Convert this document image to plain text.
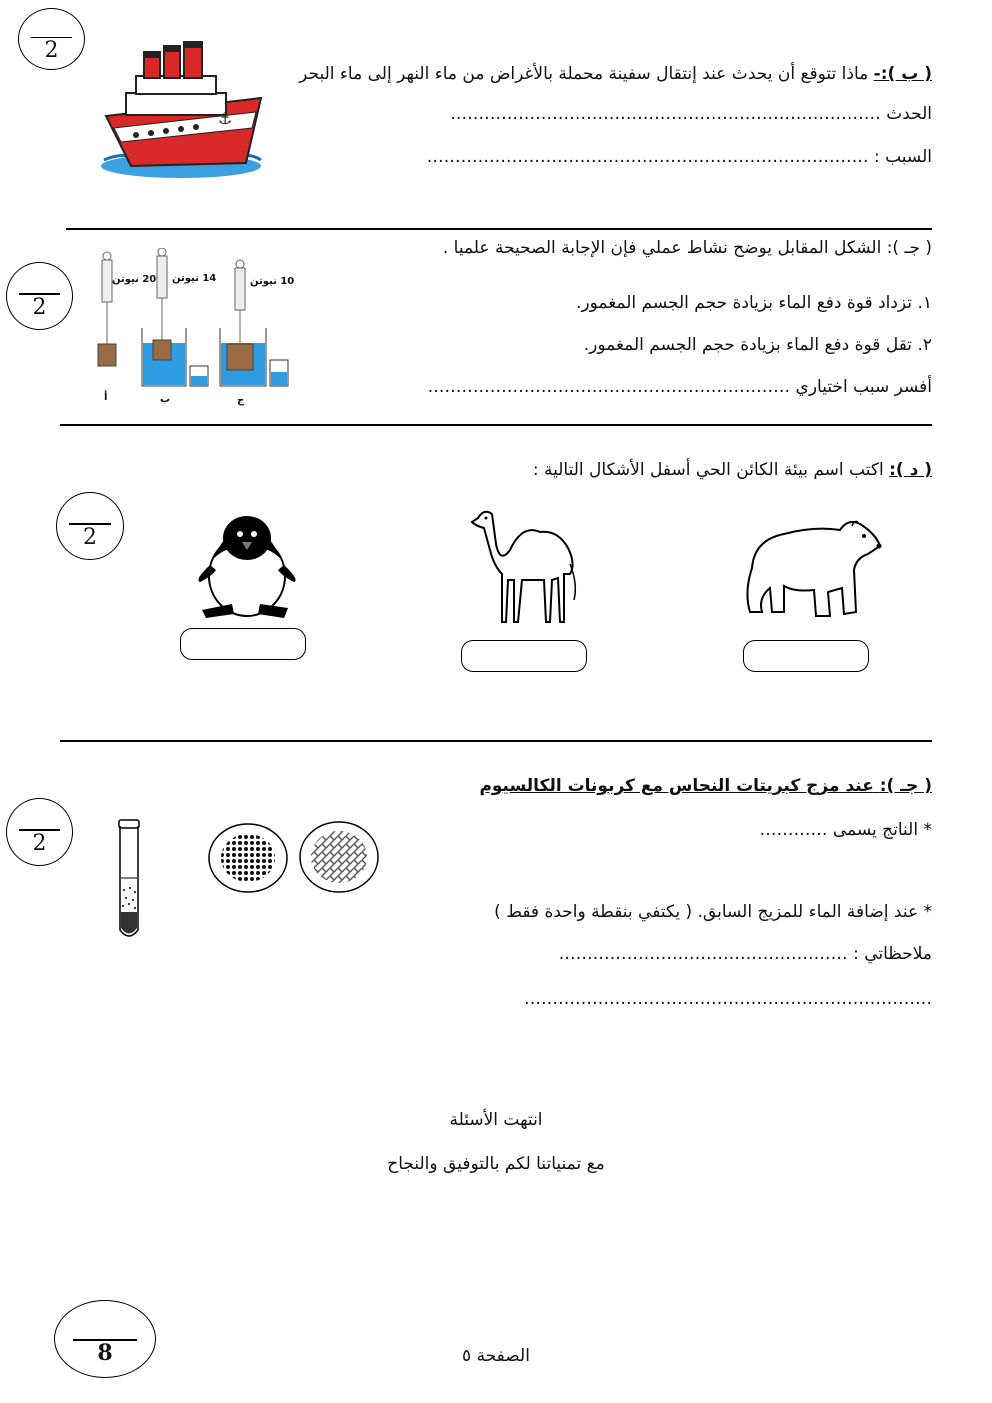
2
⚓
( ب ):- ماذا تتوقع أن يحدث عند إنتقال سفينة محملة بالأغراض من ماء النهر إلى ماء البحر
الحدث ………………………………………………………………….
السبب : ……………………………………………………………………
2
20 نيوتن 14 نيوتن	10 نيوتن
أ	ب	ج
( جـ ): الشكل المقابل يوضح نشاط عملي فإن الإجابة الصحيحة علميا .
١. تزداد قوة دفع الماء بزيادة حجم الجسم المغمور.
٢. تقل قوة دفع الماء بزيادة حجم الجسم المغمور.
أفسر سبب اختياري ……………………………………………………….
( د ): اكتب اسم بيئة الكائن الحي أسفل الأشكال التالية :
2
( جـ ): عند مزج كبريتات النحاس مع كربونات الكالسيوم
2
* الناتج يسمى …………
* عند إضافة الماء للمزيج السابق. ( يكتفي بنقطة واحدة فقط )
ملاحظاتي : ……………………………………………
………………………………………………………………
انتهت الأسئلة
مع تمنياتنا لكم بالتوفيق والنجاح
8	الصفحة ٥
